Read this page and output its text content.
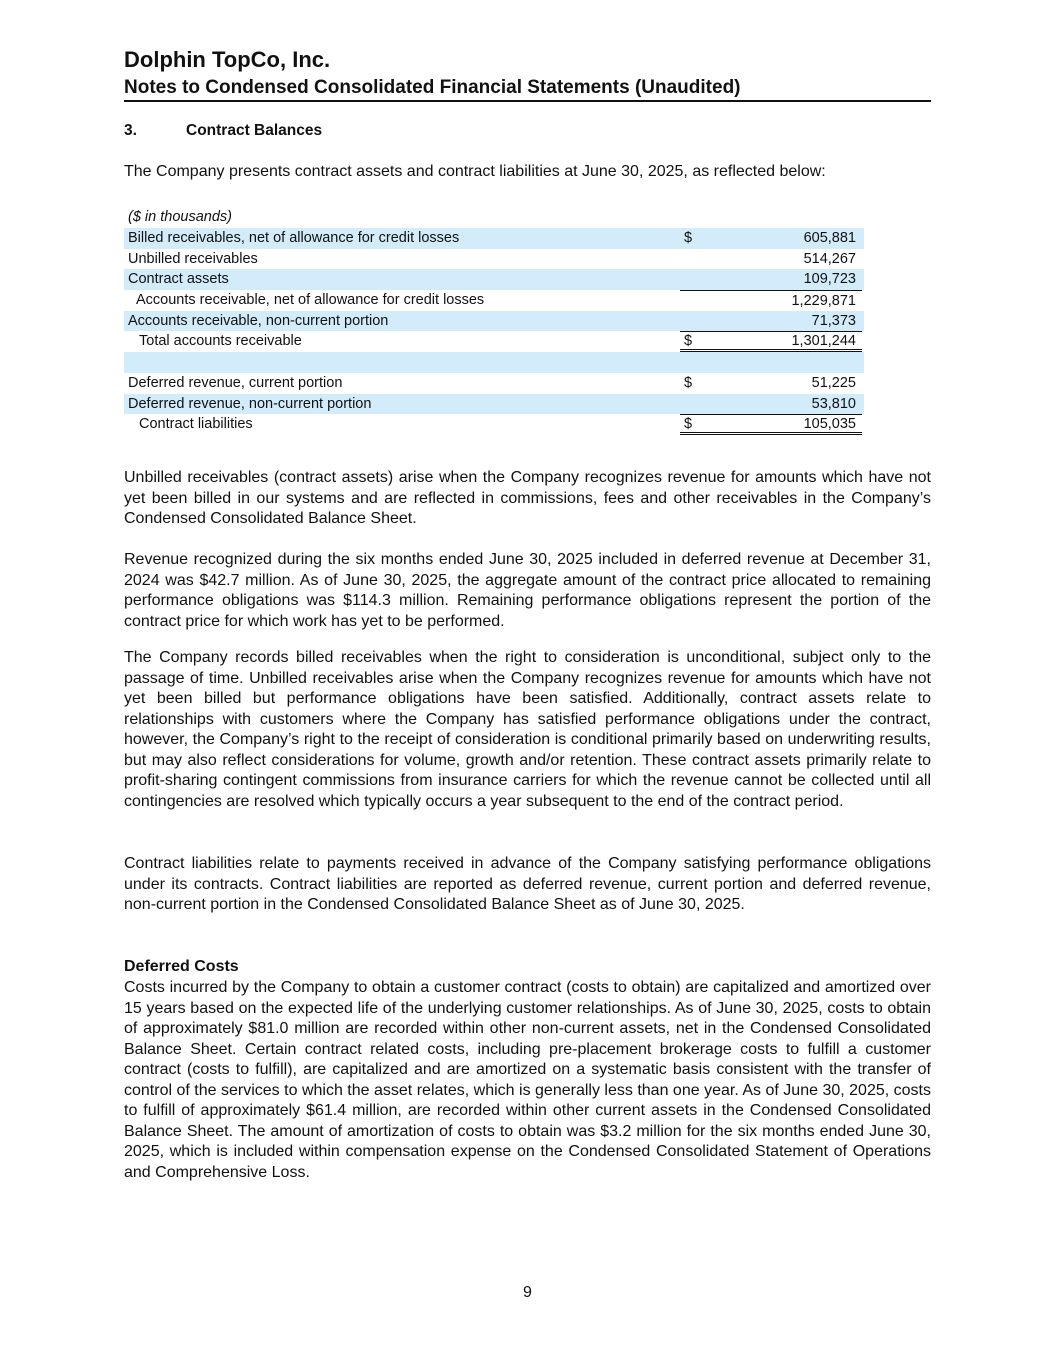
Dolphin TopCo, Inc.
Notes to Condensed Consolidated Financial Statements (Unaudited)
3.	Contract Balances
The Company presents contract assets and contract liabilities at June 30, 2025, as reflected below:
($ in thousands)
Billed receivables, net of allowance for credit losses	$	605,881
Unbilled receivables	514,267
Contract assets	109,723
Accounts receivable, net of allowance for credit losses	1,229,871
Accounts receivable, non-current portion	71,373
Total accounts receivable	$	1,301,244
Deferred revenue, current portion	$	51,225
Deferred revenue, non-current portion	53,810
Contract liabilities	$	105,035
Unbilled receivables (contract assets) arise when the Company recognizes revenue for amounts which have not yet been billed in our systems and are reflected in commissions, fees and other receivables in the Company’s Condensed Consolidated Balance Sheet.
Revenue recognized during the six months ended June 30, 2025 included in deferred revenue at December 31, 2024 was $42.7 million. As of June 30, 2025, the aggregate amount of the contract price allocated to remaining performance obligations was $114.3 million. Remaining performance obligations represent the portion of the contract price for which work has yet to be performed.
The Company records billed receivables when the right to consideration is unconditional, subject only to the passage of time. Unbilled receivables arise when the Company recognizes revenue for amounts which have not yet been billed but performance obligations have been satisfied. Additionally, contract assets relate to relationships with customers where the Company has satisfied performance obligations under the contract, however, the Company’s right to the receipt of consideration is conditional primarily based on underwriting results, but may also reflect considerations for volume, growth and/or retention. These contract assets primarily relate to profit-sharing contingent commissions from insurance carriers for which the revenue cannot be collected until all contingencies are resolved which typically occurs a year subsequent to the end of the contract period.
Contract liabilities relate to payments received in advance of the Company satisfying performance obligations under its contracts. Contract liabilities are reported as deferred revenue, current portion and deferred revenue, non-current portion in the Condensed Consolidated Balance Sheet as of June 30, 2025.
Deferred Costs
Costs incurred by the Company to obtain a customer contract (costs to obtain) are capitalized and amortized over 15 years based on the expected life of the underlying customer relationships. As of June 30, 2025, costs to obtain of approximately $81.0 million are recorded within other non-current assets, net in the Condensed Consolidated Balance Sheet. Certain contract related costs, including pre-placement brokerage costs to fulfill a customer contract (costs to fulfill), are capitalized and are amortized on a systematic basis consistent with the transfer of control of the services to which the asset relates, which is generally less than one year. As of June 30, 2025, costs to fulfill of approximately $61.4 million, are recorded within other current assets in the Condensed Consolidated Balance Sheet. The amount of amortization of costs to obtain was $3.2 million for the six months ended June 30, 2025, which is included within compensation expense on the Condensed Consolidated Statement of Operations and Comprehensive Loss.
9
